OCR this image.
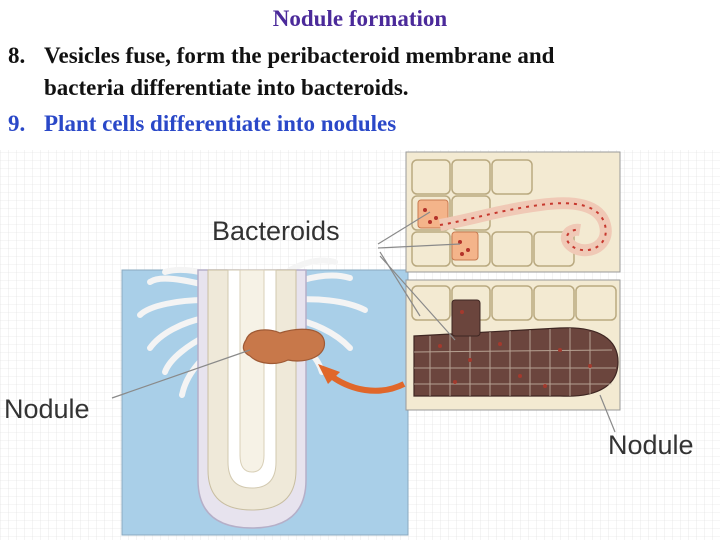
Nodule formation
8. Vesicles fuse, form the peribacteroid membrane and
bacteria differentiate into bacteroids.
9. Plant cells differentiate into nodules
Bacteroids
Nodule
Nodule
